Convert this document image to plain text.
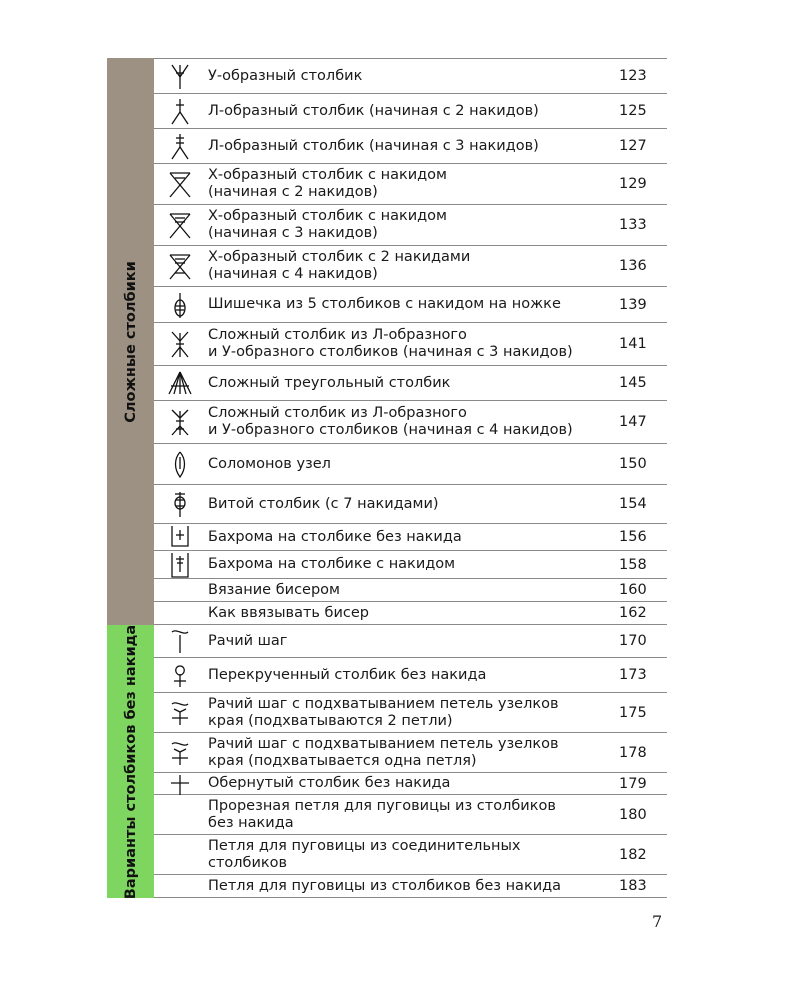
Сложные столбики
У-образный столбик	123
Л-образный столбик (начиная с 2 накидов)	125
Л-образный столбик (начиная с 3 накидов)	127
Х-образный столбик с накидом
(начиная с 2 накидов)	129
Х-образный столбик с накидом
(начиная с 3 накидов)	133
Х-образный столбик с 2 накидами
(начиная с 4 накидов)	136
Шишечка из 5 столбиков с накидом на ножке	139
Сложный столбик из Л-образного
и У-образного столбиков (начиная с 3 накидов)	141
Сложный треугольный столбик	145
Сложный столбик из Л-образного
и У-образного столбиков (начиная с 4 накидов)	147
Соломонов узел	150
Витой столбик (с 7 накидами)	154
Бахрома на столбике без накида	156
Бахрома на столбике с накидом	158
Вязание бисером	160
Как ввязывать бисер	162
Варианты столбиков без накида	Рачий шаг	170
Перекрученный столбик без накида	173
Рачий шаг с подхватыванием петель узелков
края (подхватываются 2 петли)	175
Рачий шаг с подхватыванием петель узелков
края (подхватывается одна петля)	178
Обернутый столбик без накида	179
Прорезная петля для пуговицы из столбиков
без накида	180
Петля для пуговицы из соединительных
столбиков	182
Петля для пуговицы из столбиков без накида	183
7
